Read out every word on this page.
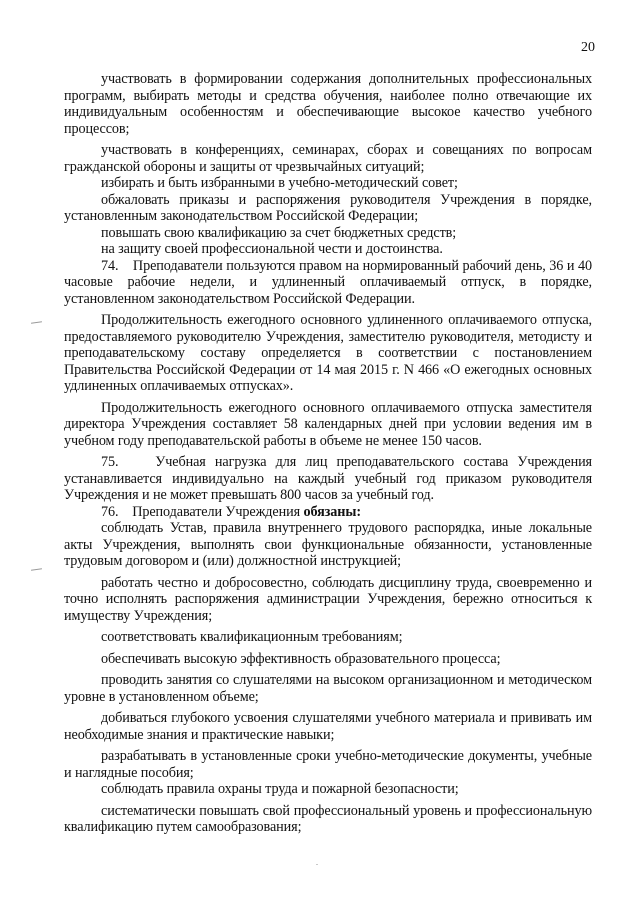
20

участвовать в формировании содержания дополнительных профессиональных программ, выбирать методы и средства обучения, наиболее полно отвечающие их индивидуальным особенностям и обеспечивающие высокое качество учебного процессов;

участвовать в конференциях, семинарах, сборах и совещаниях по вопросам гражданской обороны и защиты от чрезвычайных ситуаций;

избирать и быть избранными в учебно-методический совет;

обжаловать приказы и распоряжения руководителя Учреждения в порядке, установленным законодательством Российской Федерации;

повышать свою квалификацию за счет бюджетных средств;

на защиту своей профессиональной чести и достоинства.

74.    Преподаватели пользуются правом на нормированный рабочий день, 36 и 40 часовые рабочие недели, и удлиненный оплачиваемый отпуск, в порядке, установленном законодательством Российской Федерации.

Продолжительность ежегодного основного удлиненного оплачиваемого отпуска, предоставляемого руководителю Учреждения, заместителю руководителя, методисту и преподавательскому составу определяется в соответствии с постановлением Правительства Российской Федерации от 14 мая 2015 г. N 466 «О ежегодных основных удлиненных оплачиваемых отпусках».

Продолжительность ежегодного основного оплачиваемого отпуска заместителя директора Учреждения составляет 58 календарных дней при условии ведения им в учебном году преподавательской работы в объеме не менее 150 часов.

75.    Учебная нагрузка для лиц преподавательского состава Учреждения устанавливается индивидуально на каждый учебный год приказом руководителя Учреждения и не может превышать 800 часов за учебный год.

76.    Преподаватели Учреждения обязаны:

соблюдать Устав, правила внутреннего трудового распорядка, иные локальные акты Учреждения, выполнять свои функциональные обязанности, установленные трудовым договором и (или) должностной инструкцией;

работать честно и добросовестно, соблюдать дисциплину труда, своевременно и точно исполнять распоряжения администрации Учреждения, бережно относиться к имуществу Учреждения;

соответствовать квалификационным требованиям;

обеспечивать высокую эффективность образовательного процесса;

проводить занятия со слушателями на высоком организационном и методическом уровне в установленном объеме;

добиваться глубокого усвоения слушателями учебного материала и прививать им необходимые знания и практические навыки;

разрабатывать в установленные сроки учебно-методические документы, учебные и наглядные пособия;

соблюдать правила охраны труда и пожарной безопасности;

систематически повышать свой профессиональный уровень и профессиональную квалификацию путем самообразования;
